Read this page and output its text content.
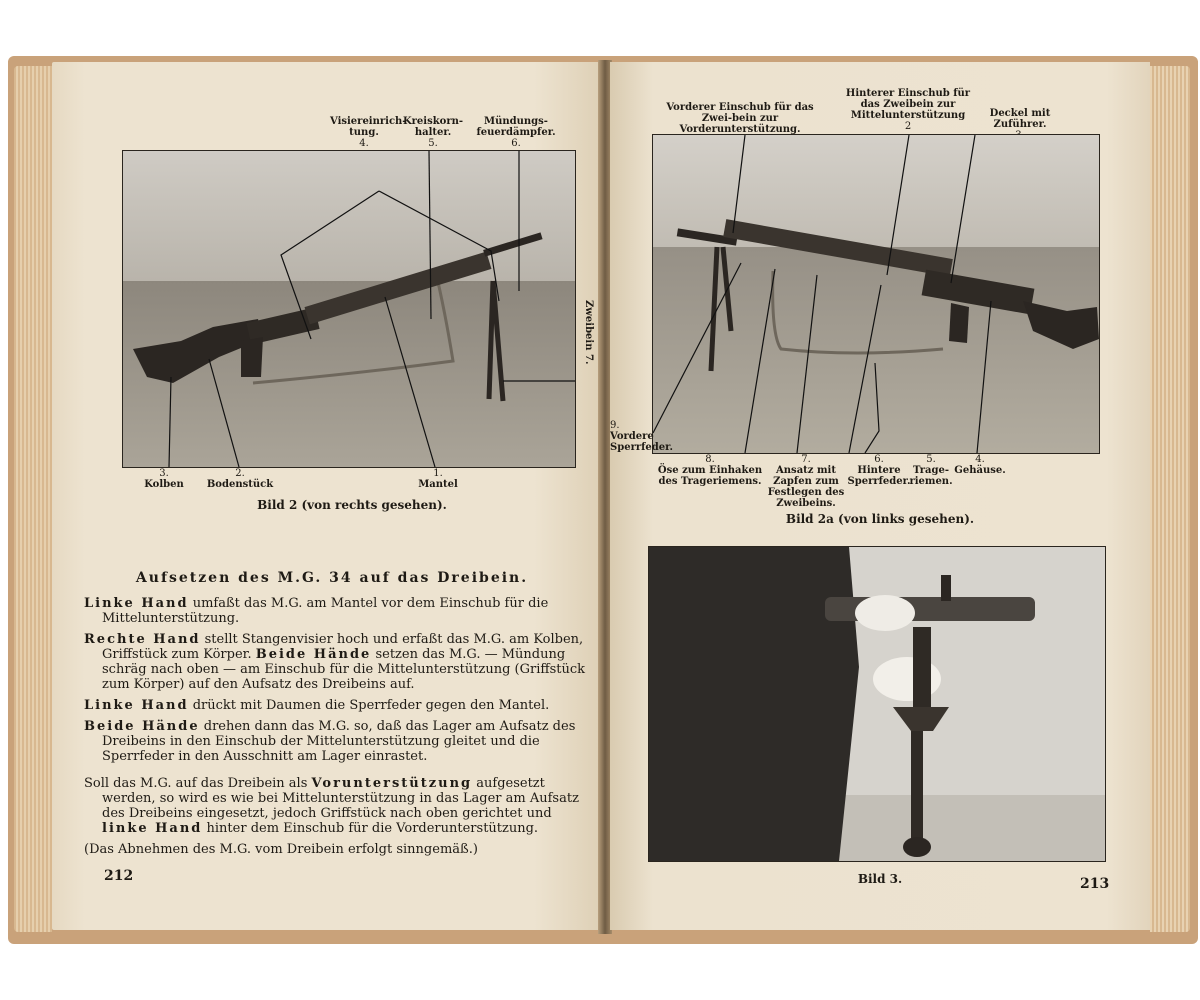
Visiereinrich-tung.
4.
Kreiskorn-halter.
5.
Mündungs-feuerdämpfer.
6.
Zweibein 7.
3.
Kolben
2.
Bodenstück
1.
Mantel
Bild 2 (von rechts gesehen).
Aufsetzen des M.G. 34 auf das Dreibein.

Linke Hand umfaßt das M.G. am Mantel vor dem Einschub für die Mittelunterstützung.

Rechte Hand stellt Stangenvisier hoch und erfaßt das M.G. am Kolben, Griffstück zum Körper. Beide Hände setzen das M.G. — Mündung schräg nach oben — am Einschub für die Mittelunterstützung (Griffstück zum Körper) auf den Aufsatz des Dreibeins auf.

Linke Hand drückt mit Daumen die Sperrfeder gegen den Mantel.

Beide Hände drehen dann das M.G. so, daß das Lager am Aufsatz des Dreibeins in den Einschub der Mittelunterstützung gleitet und die Sperrfeder in den Ausschnitt am Lager einrastet.

Soll das M.G. auf das Dreibein als Vorunterstützung aufgesetzt werden, so wird es wie bei Mittelunterstützung in das Lager am Aufsatz des Dreibeins eingesetzt, jedoch Griffstück nach oben gerichtet und linke Hand hinter dem Einschub für die Vorderunterstützung.

(Das Abnehmen des M.G. vom Dreibein erfolgt sinngemäß.)

212
Vorderer Einschub für das Zwei-bein zur Vorderunterstützung.
Hinterer Einschub für das Zweibein zur Mittelunterstützung
2
Deckel mit Zuführer.
9.
Vordere Sperrfeder.
8.
Öse zum Einhaken des Trageriemens.
7.
Ansatz mit Zapfen zum Festlegen des Zweibeins.
6.
Hintere Sperrfeder.
5.
Trage-riemen.
4.
Gehäuse.
Bild 2a (von links gesehen).
Bild 3.	213
